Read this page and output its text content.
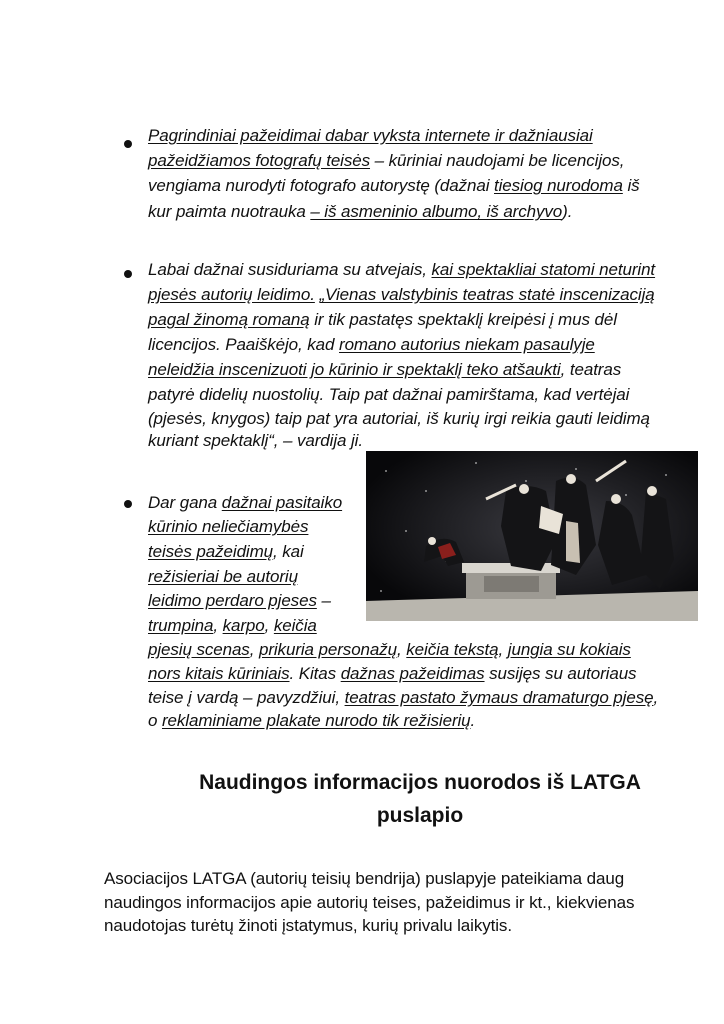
Pagrindiniai pažeidimai dabar vyksta internete ir dažniausiai
pažeidžiamos fotografų teisės – kūriniai naudojami be licencijos,
vengiama nurodyti fotografo autorystę (dažnai tiesiog nurodoma iš
kur paimta nuotrauka – iš asmeninio albumo, iš archyvo).
Labai dažnai susiduriama su atvejais, kai spektakliai statomi neturint
pjesės autorių leidimo. „Vienas valstybinis teatras statė inscenizaciją
pagal žinomą romaną ir tik pastatęs spektaklį kreipėsi į mus dėl
licencijos. Paaiškėjo, kad romano autorius niekam pasaulyje
neleidžia inscenizuoti jo kūrinio ir spektaklį teko atšaukti, teatras
patyrė didelių nuostolių. Taip pat dažnai pamirštama, kad vertėjai
(pjesės, knygos) taip pat yra autoriai, iš kurių irgi reikia gauti leidimą
kuriant spektaklį“, – vardija ji.
Dar gana dažnai pasitaiko
kūrinio neliečiamybės
teisės pažeidimų, kai
režisieriai be autorių
leidimo perdaro pjeses –
trumpina, karpo, keičia
pjesių scenas, prikuria personažų, keičia tekstą, jungia su kokiais
nors kitais kūriniais. Kitas dažnas pažeidimas susijęs su autoriaus
teise į vardą – pavyzdžiui, teatras pastato žymaus dramaturgo pjesę,
o reklaminiame plakate nurodo tik režisierių.
Naudingos informacijos nuorodos iš LATGA
puslapio
Asociacijos LATGA (autorių teisių bendrija) puslapyje pateikiama daug
naudingos informacijos apie autorių teises, pažeidimus ir kt., kiekvienas
naudotojas turėtų žinoti įstatymus, kurių privalu laikytis.
